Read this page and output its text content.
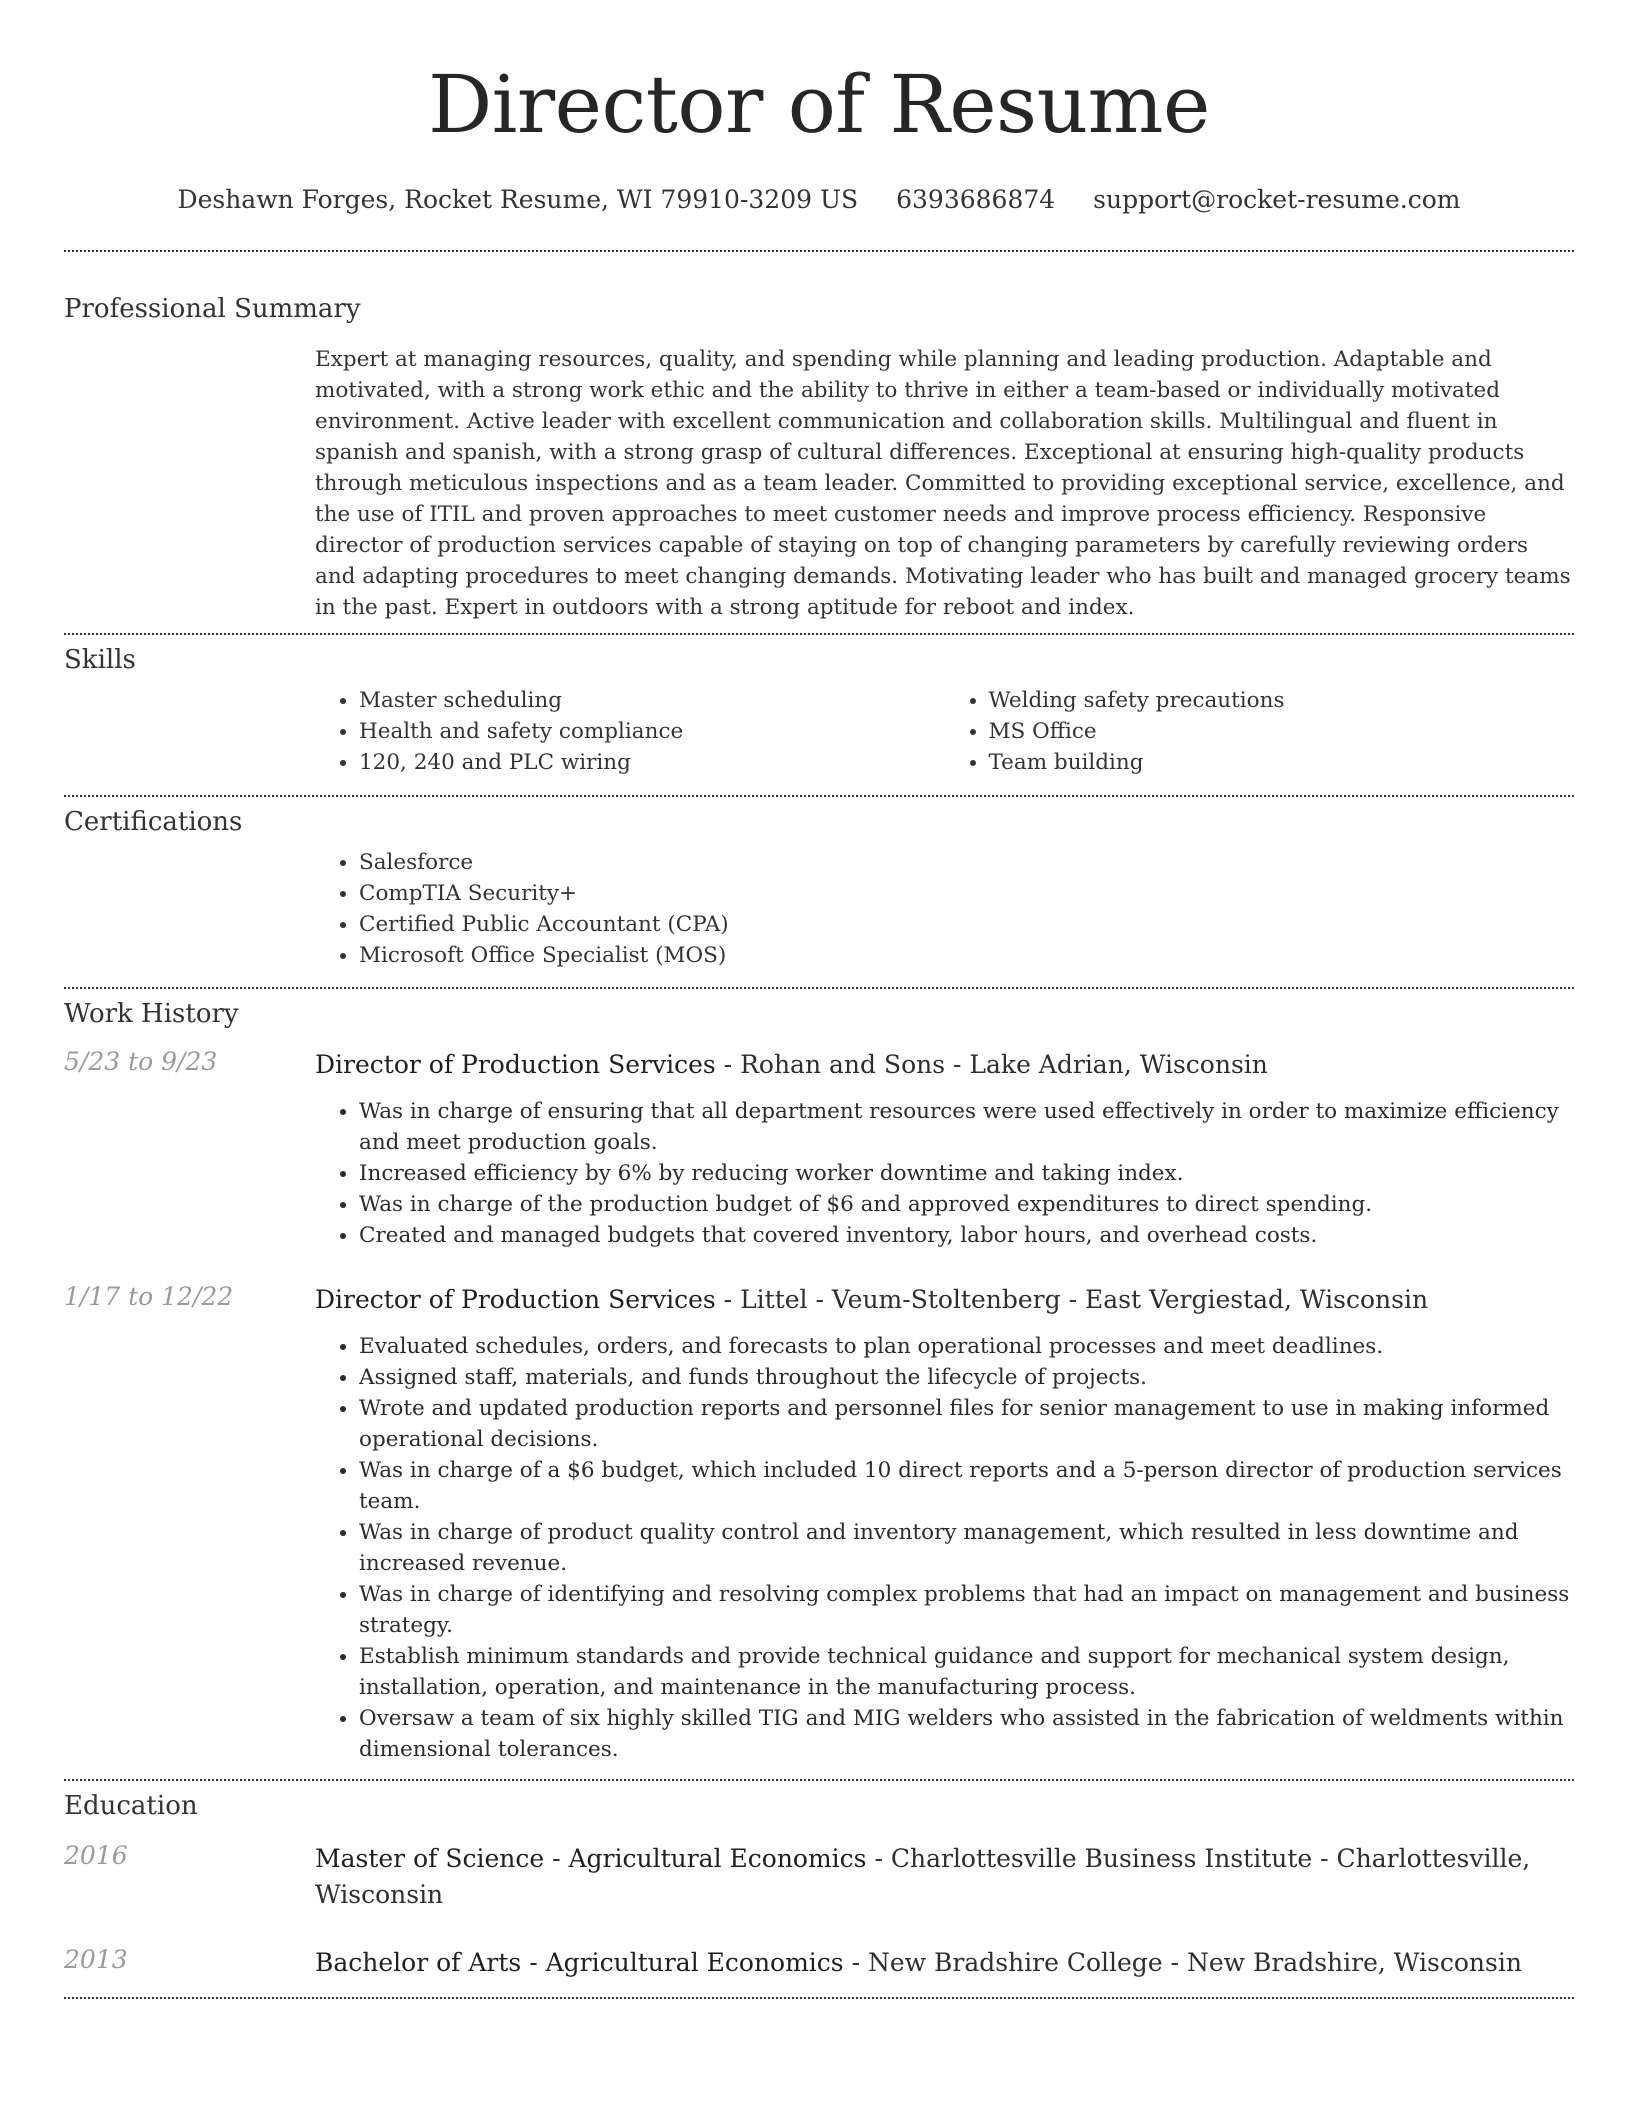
Director of Resume
Deshawn Forges, Rocket Resume, WI 79910-3209 US 6393686874 support@rocket-resume.com
Professional Summary
Expert at managing resources, quality, and spending while planning and leading production. Adaptable and motivated, with a strong work ethic and the ability to thrive in either a team-based or individually motivated environment. Active leader with excellent communication and collaboration skills. Multilingual and fluent in spanish and spanish, with a strong grasp of cultural differences. Exceptional at ensuring high-quality products through meticulous inspections and as a team leader. Committed to providing exceptional service, excellence, and the use of ITIL and proven approaches to meet customer needs and improve process efficiency. Responsive director of production services capable of staying on top of changing parameters by carefully reviewing orders and adapting procedures to meet changing demands. Motivating leader who has built and managed grocery teams in the past. Expert in outdoors with a strong aptitude for reboot and index.
Skills
• Master scheduling
• Health and safety compliance
• 120, 240 and PLC wiring
• Welding safety precautions
• MS Office
• Team building
Certifications
• Salesforce
• CompTIA Security+
• Certified Public Accountant (CPA)
• Microsoft Office Specialist (MOS)
Work History
5/23 to 9/23	Director of Production Services - Rohan and Sons - Lake Adrian, Wisconsin
• Was in charge of ensuring that all department resources were used effectively in order to maximize efficiency and meet production goals.
• Increased efficiency by 6% by reducing worker downtime and taking index.
• Was in charge of the production budget of $6 and approved expenditures to direct spending.
• Created and managed budgets that covered inventory, labor hours, and overhead costs.
1/17 to 12/22	Director of Production Services - Littel - Veum-Stoltenberg - East Vergiestad, Wisconsin
• Evaluated schedules, orders, and forecasts to plan operational processes and meet deadlines.
• Assigned staff, materials, and funds throughout the lifecycle of projects.
• Wrote and updated production reports and personnel files for senior management to use in making informed operational decisions.
• Was in charge of a $6 budget, which included 10 direct reports and a 5-person director of production services team.
• Was in charge of product quality control and inventory management, which resulted in less downtime and increased revenue.
• Was in charge of identifying and resolving complex problems that had an impact on management and business strategy.
• Establish minimum standards and provide technical guidance and support for mechanical system design, installation, operation, and maintenance in the manufacturing process.
• Oversaw a team of six highly skilled TIG and MIG welders who assisted in the fabrication of weldments within dimensional tolerances.
Education
2016	Master of Science - Agricultural Economics - Charlottesville Business Institute - Charlottesville, Wisconsin
2013	Bachelor of Arts - Agricultural Economics - New Bradshire College - New Bradshire, Wisconsin
